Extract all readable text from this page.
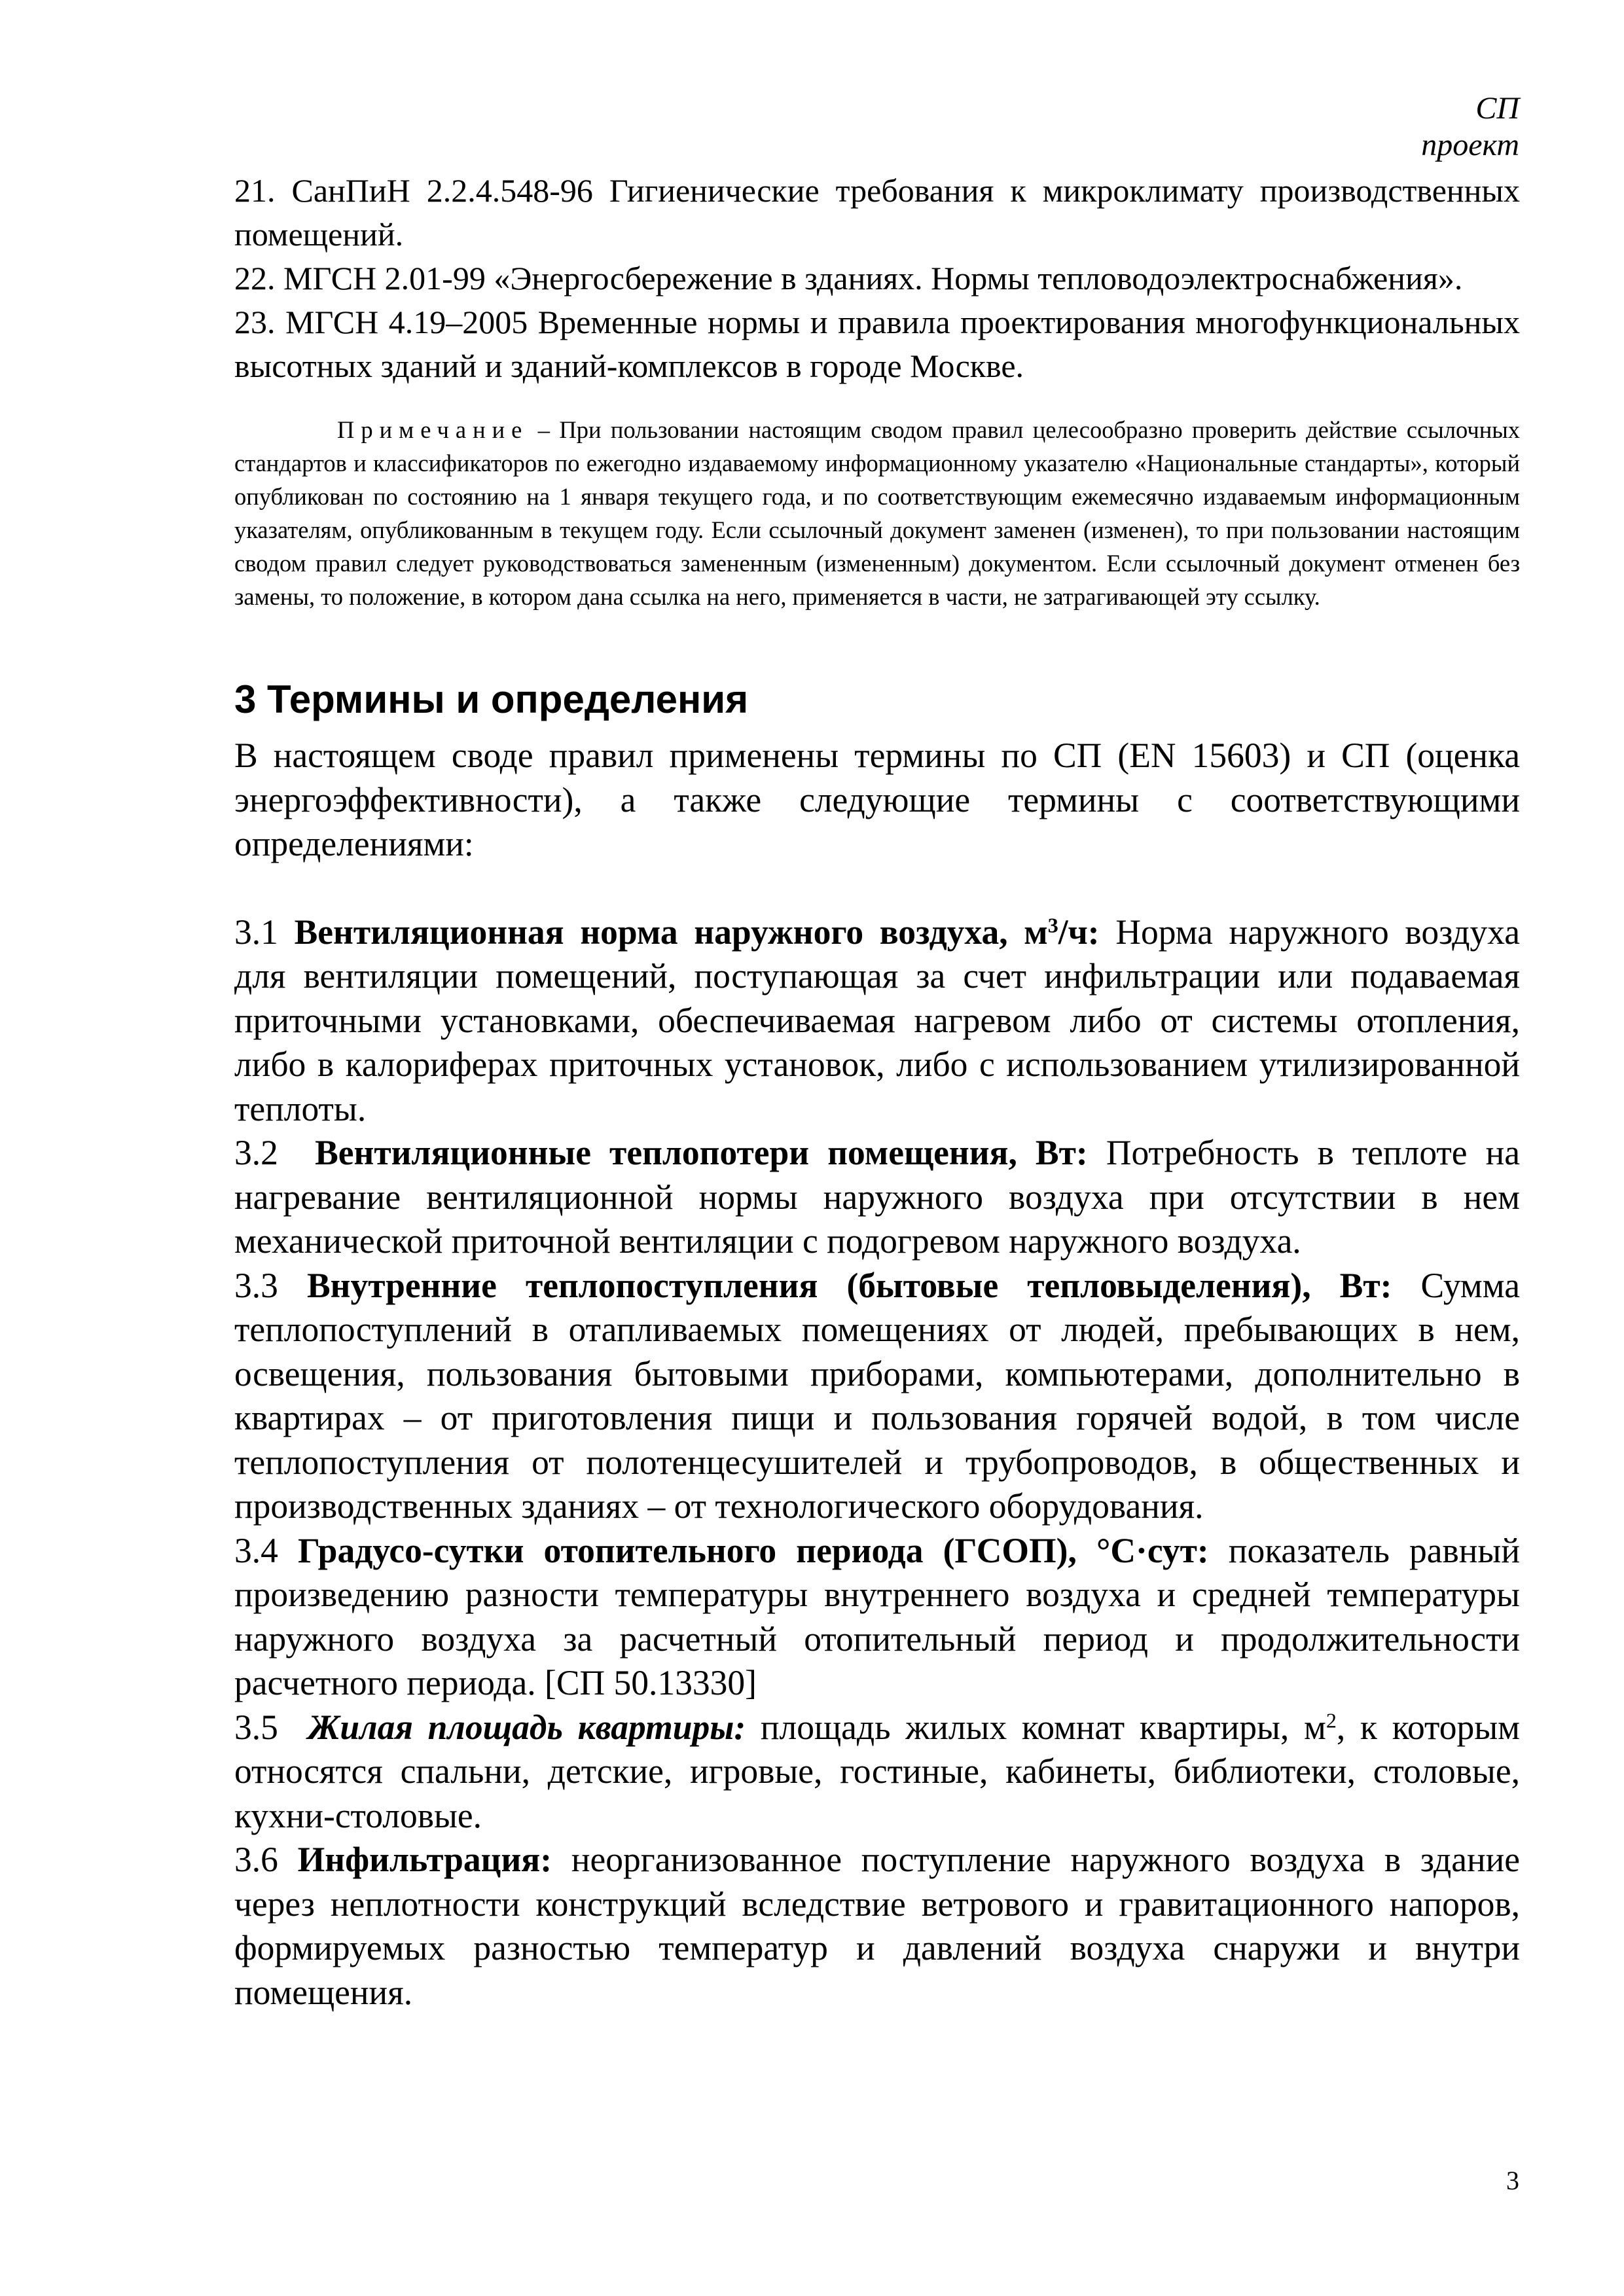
СП
проект

21. СанПиН 2.2.4.548-96 Гигиенические требования к микроклимату производственных помещений.

22. МГСН 2.01-99 «Энергосбережение в зданиях. Нормы тепловодоэлектроснабжения».

23. МГСН 4.19–2005 Временные нормы и правила проектирования многофункциональных высотных зданий и зданий-комплексов в городе Москве.

Примечание – При пользовании настоящим сводом правил целесообразно проверить действие ссылочных стандартов и классификаторов по ежегодно издаваемому информационному указателю «Национальные стандарты», который опубликован по состоянию на 1 января текущего года, и по соответствующим ежемесячно издаваемым информационным указателям, опубликованным в текущем году. Если ссылочный документ заменен (изменен), то при пользовании настоящим сводом правил следует руководствоваться замененным (измененным) документом. Если ссылочный документ отменен без замены, то положение, в котором дана ссылка на него, применяется в части, не затрагивающей эту ссылку.

3 Термины и определения

В настоящем своде правил применены термины по СП (EN 15603) и СП (оценка энергоэффективности), а также следующие термины с соответствующими определениями:

3.1 Вентиляционная норма наружного воздуха, $м^3/ч$: Норма наружного воздуха для вентиляции помещений, поступающая за счет инфильтрации или подаваемая приточными установками, обеспечиваемая нагревом либо от системы отопления, либо в калориферах приточных установок, либо с использованием утилизированной теплоты.

3.2 Вентиляционные теплопотери помещения, Вт: Потребность в теплоте на нагревание вентиляционной нормы наружного воздуха при отсутствии в нем механической приточной вентиляции с подогревом наружного воздуха.

3.3 Внутренние теплопоступления (бытовые тепловыделения), Вт: Сумма теплопоступлений в отапливаемых помещениях от людей, пребывающих в нем, освещения, пользования бытовыми приборами, компьютерами, дополнительно в квартирах – от приготовления пищи и пользования горячей водой, в том числе теплопоступления от полотенцесушителей и трубопроводов, в общественных и производственных зданиях – от технологического оборудования.

3.4 Градусо-сутки отопительного периода (ГСОП), °С·сут: показатель равный произведению разности температуры внутреннего воздуха и средней температуры наружного воздуха за расчетный отопительный период и продолжительности расчетного периода. [СП 50.13330]

3.5 Жилая площадь квартиры: площадь жилых комнат квартиры, $м^2$, к которым относятся спальни, детские, игровые, гостиные, кабинеты, библиотеки, столовые, кухни-столовые.

3.6 Инфильтрация: неорганизованное поступление наружного воздуха в здание через неплотности конструкций вследствие ветрового и гравитационного напоров, формируемых разностью температур и давлений воздуха снаружи и внутри помещения.

3
